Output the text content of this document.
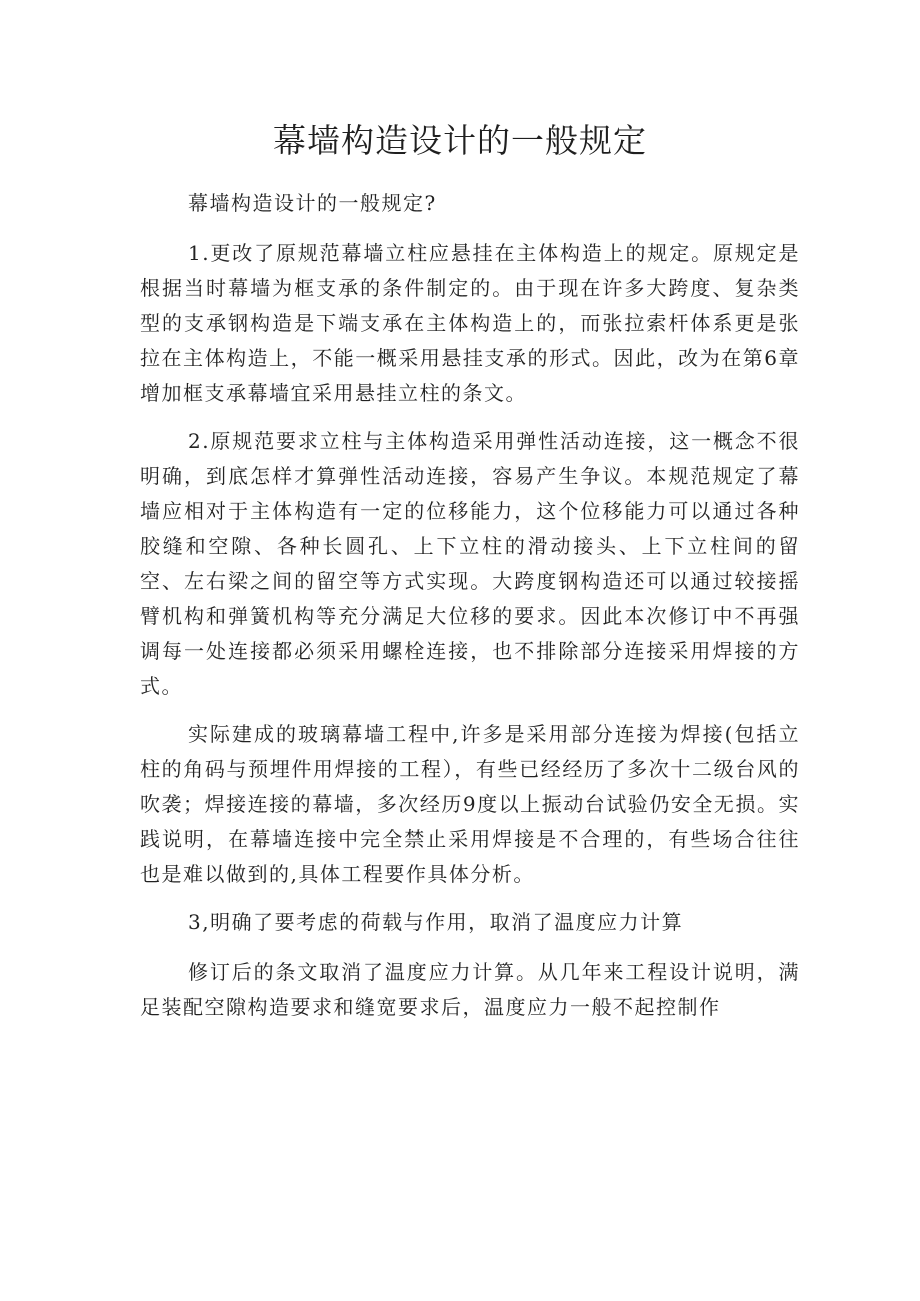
幕墙构造设计的一般规定

幕墙构造设计的一般规定?

1.更改了原规范幕墙立柱应悬挂在主体构造上的规定。原规定是根据当时幕墙为框支承的条件制定的。由于现在许多大跨度、复杂类型的支承钢构造是下端支承在主体构造上的，而张拉索杆体系更是张拉在主体构造上，不能一概采用悬挂支承的形式。因此，改为在第6章增加框支承幕墙宜采用悬挂立柱的条文。

2.原规范要求立柱与主体构造采用弹性活动连接，这一概念不很明确，到底怎样才算弹性活动连接，容易产生争议。本规范规定了幕墙应相对于主体构造有一定的位移能力，这个位移能力可以通过各种胶缝和空隙、各种长圆孔、上下立柱的滑动接头、上下立柱间的留空、左右梁之间的留空等方式实现。大跨度钢构造还可以通过较接摇臂机构和弹簧机构等充分满足大位移的要求。因此本次修订中不再强调每一处连接都必须采用螺栓连接，也不排除部分连接采用焊接的方式。

实际建成的玻璃幕墙工程中,许多是采用部分连接为焊接(包括立柱的角码与预埋件用焊接的工程），有些已经经历了多次十二级台风的吹袭；焊接连接的幕墙，多次经历9度以上振动台试验仍安全无损。实践说明，在幕墙连接中完全禁止采用焊接是不合理的，有些场合往往也是难以做到的,具体工程要作具体分析。

3,明确了要考虑的荷载与作用，取消了温度应力计算

修订后的条文取消了温度应力计算。从几年来工程设计说明，满足装配空隙构造要求和缝宽要求后，温度应力一般不起控制作
